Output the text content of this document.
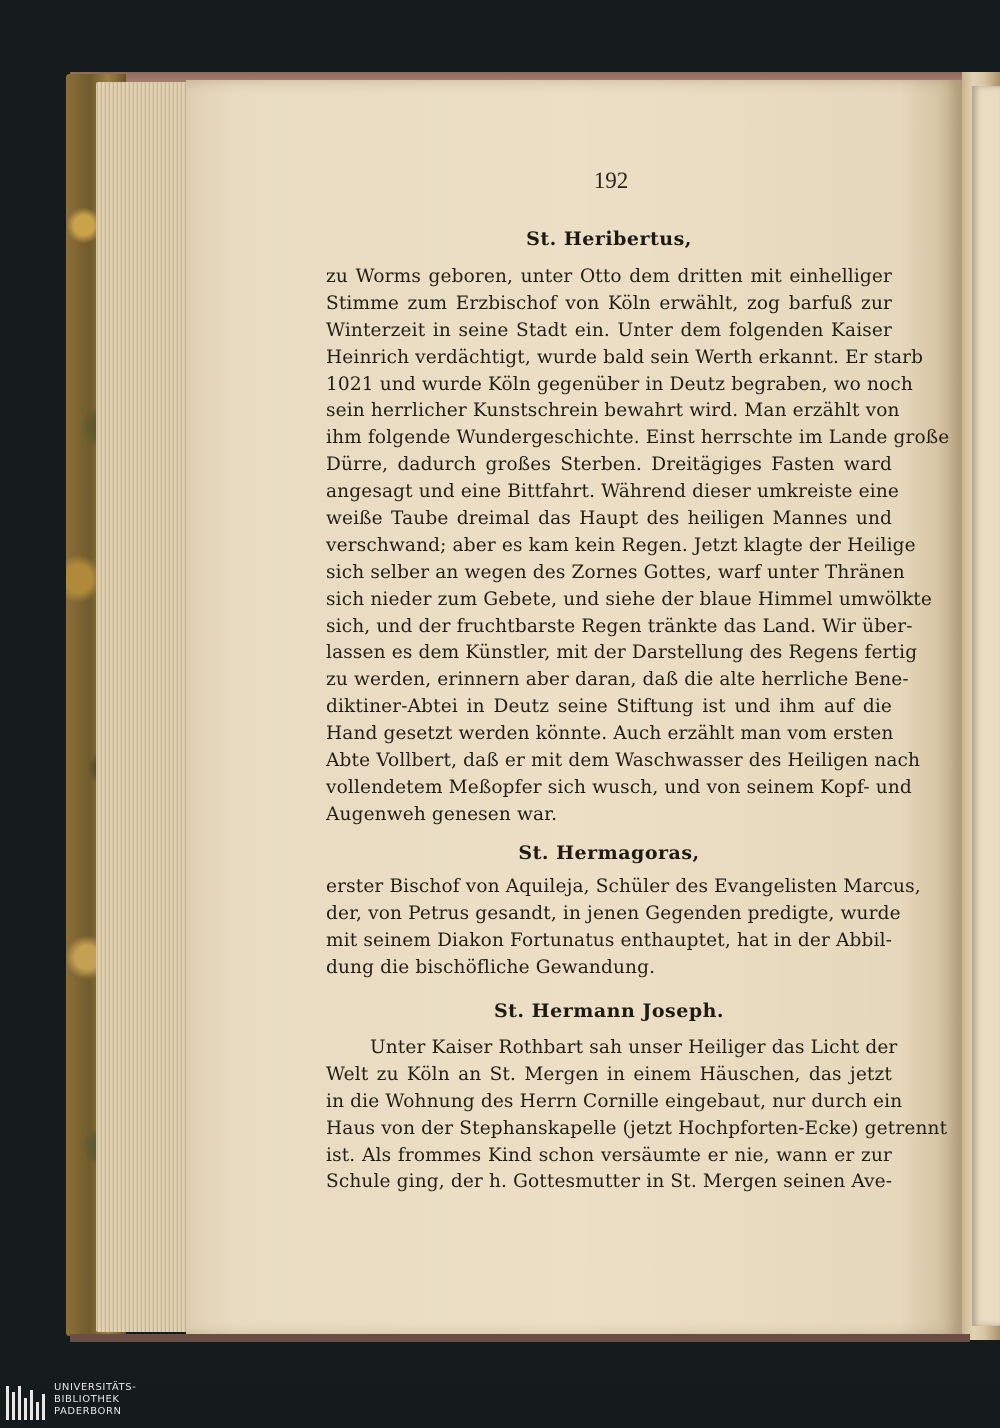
192
St. Heribertus,
zu Worms geboren, unter Otto dem dritten mit einhelliger
Stimme zum Erzbischof von Köln erwählt, zog barfuß zur
Winterzeit in seine Stadt ein. Unter dem folgenden Kaiser
Heinrich verdächtigt, wurde bald sein Werth erkannt. Er starb
1021 und wurde Köln gegenüber in Deutz begraben, wo noch
sein herrlicher Kunstschrein bewahrt wird. Man erzählt von
ihm folgende Wundergeschichte. Einst herrschte im Lande große
Dürre, dadurch großes Sterben. Dreitägiges Fasten ward
angesagt und eine Bittfahrt. Während dieser umkreiste eine
weiße Taube dreimal das Haupt des heiligen Mannes und
verschwand; aber es kam kein Regen. Jetzt klagte der Heilige
sich selber an wegen des Zornes Gottes, warf unter Thränen
sich nieder zum Gebete, und siehe der blaue Himmel umwölkte
sich, und der fruchtbarste Regen tränkte das Land. Wir über-
lassen es dem Künstler, mit der Darstellung des Regens fertig
zu werden, erinnern aber daran, daß die alte herrliche Bene-
diktiner-Abtei in Deutz seine Stiftung ist und ihm auf die
Hand gesetzt werden könnte. Auch erzählt man vom ersten
Abte Vollbert, daß er mit dem Waschwasser des Heiligen nach
vollendetem Meßopfer sich wusch, und von seinem Kopf- und
Augenweh genesen war.
St. Hermagoras,
erster Bischof von Aquileja, Schüler des Evangelisten Marcus,
der, von Petrus gesandt, in jenen Gegenden predigte, wurde
mit seinem Diakon Fortunatus enthauptet, hat in der Abbil-
dung die bischöfliche Gewandung.
St. Hermann Joseph.
Unter Kaiser Rothbart sah unser Heiliger das Licht der
Welt zu Köln an St. Mergen in einem Häuschen, das jetzt
in die Wohnung des Herrn Cornille eingebaut, nur durch ein
Haus von der Stephanskapelle (jetzt Hochpforten-Ecke) getrennt
ist. Als frommes Kind schon versäumte er nie, wann er zur
Schule ging, der h. Gottesmutter in St. Mergen seinen Ave-
UNIVERSITÄTS-
BIBLIOTHEK
PADERBORN
